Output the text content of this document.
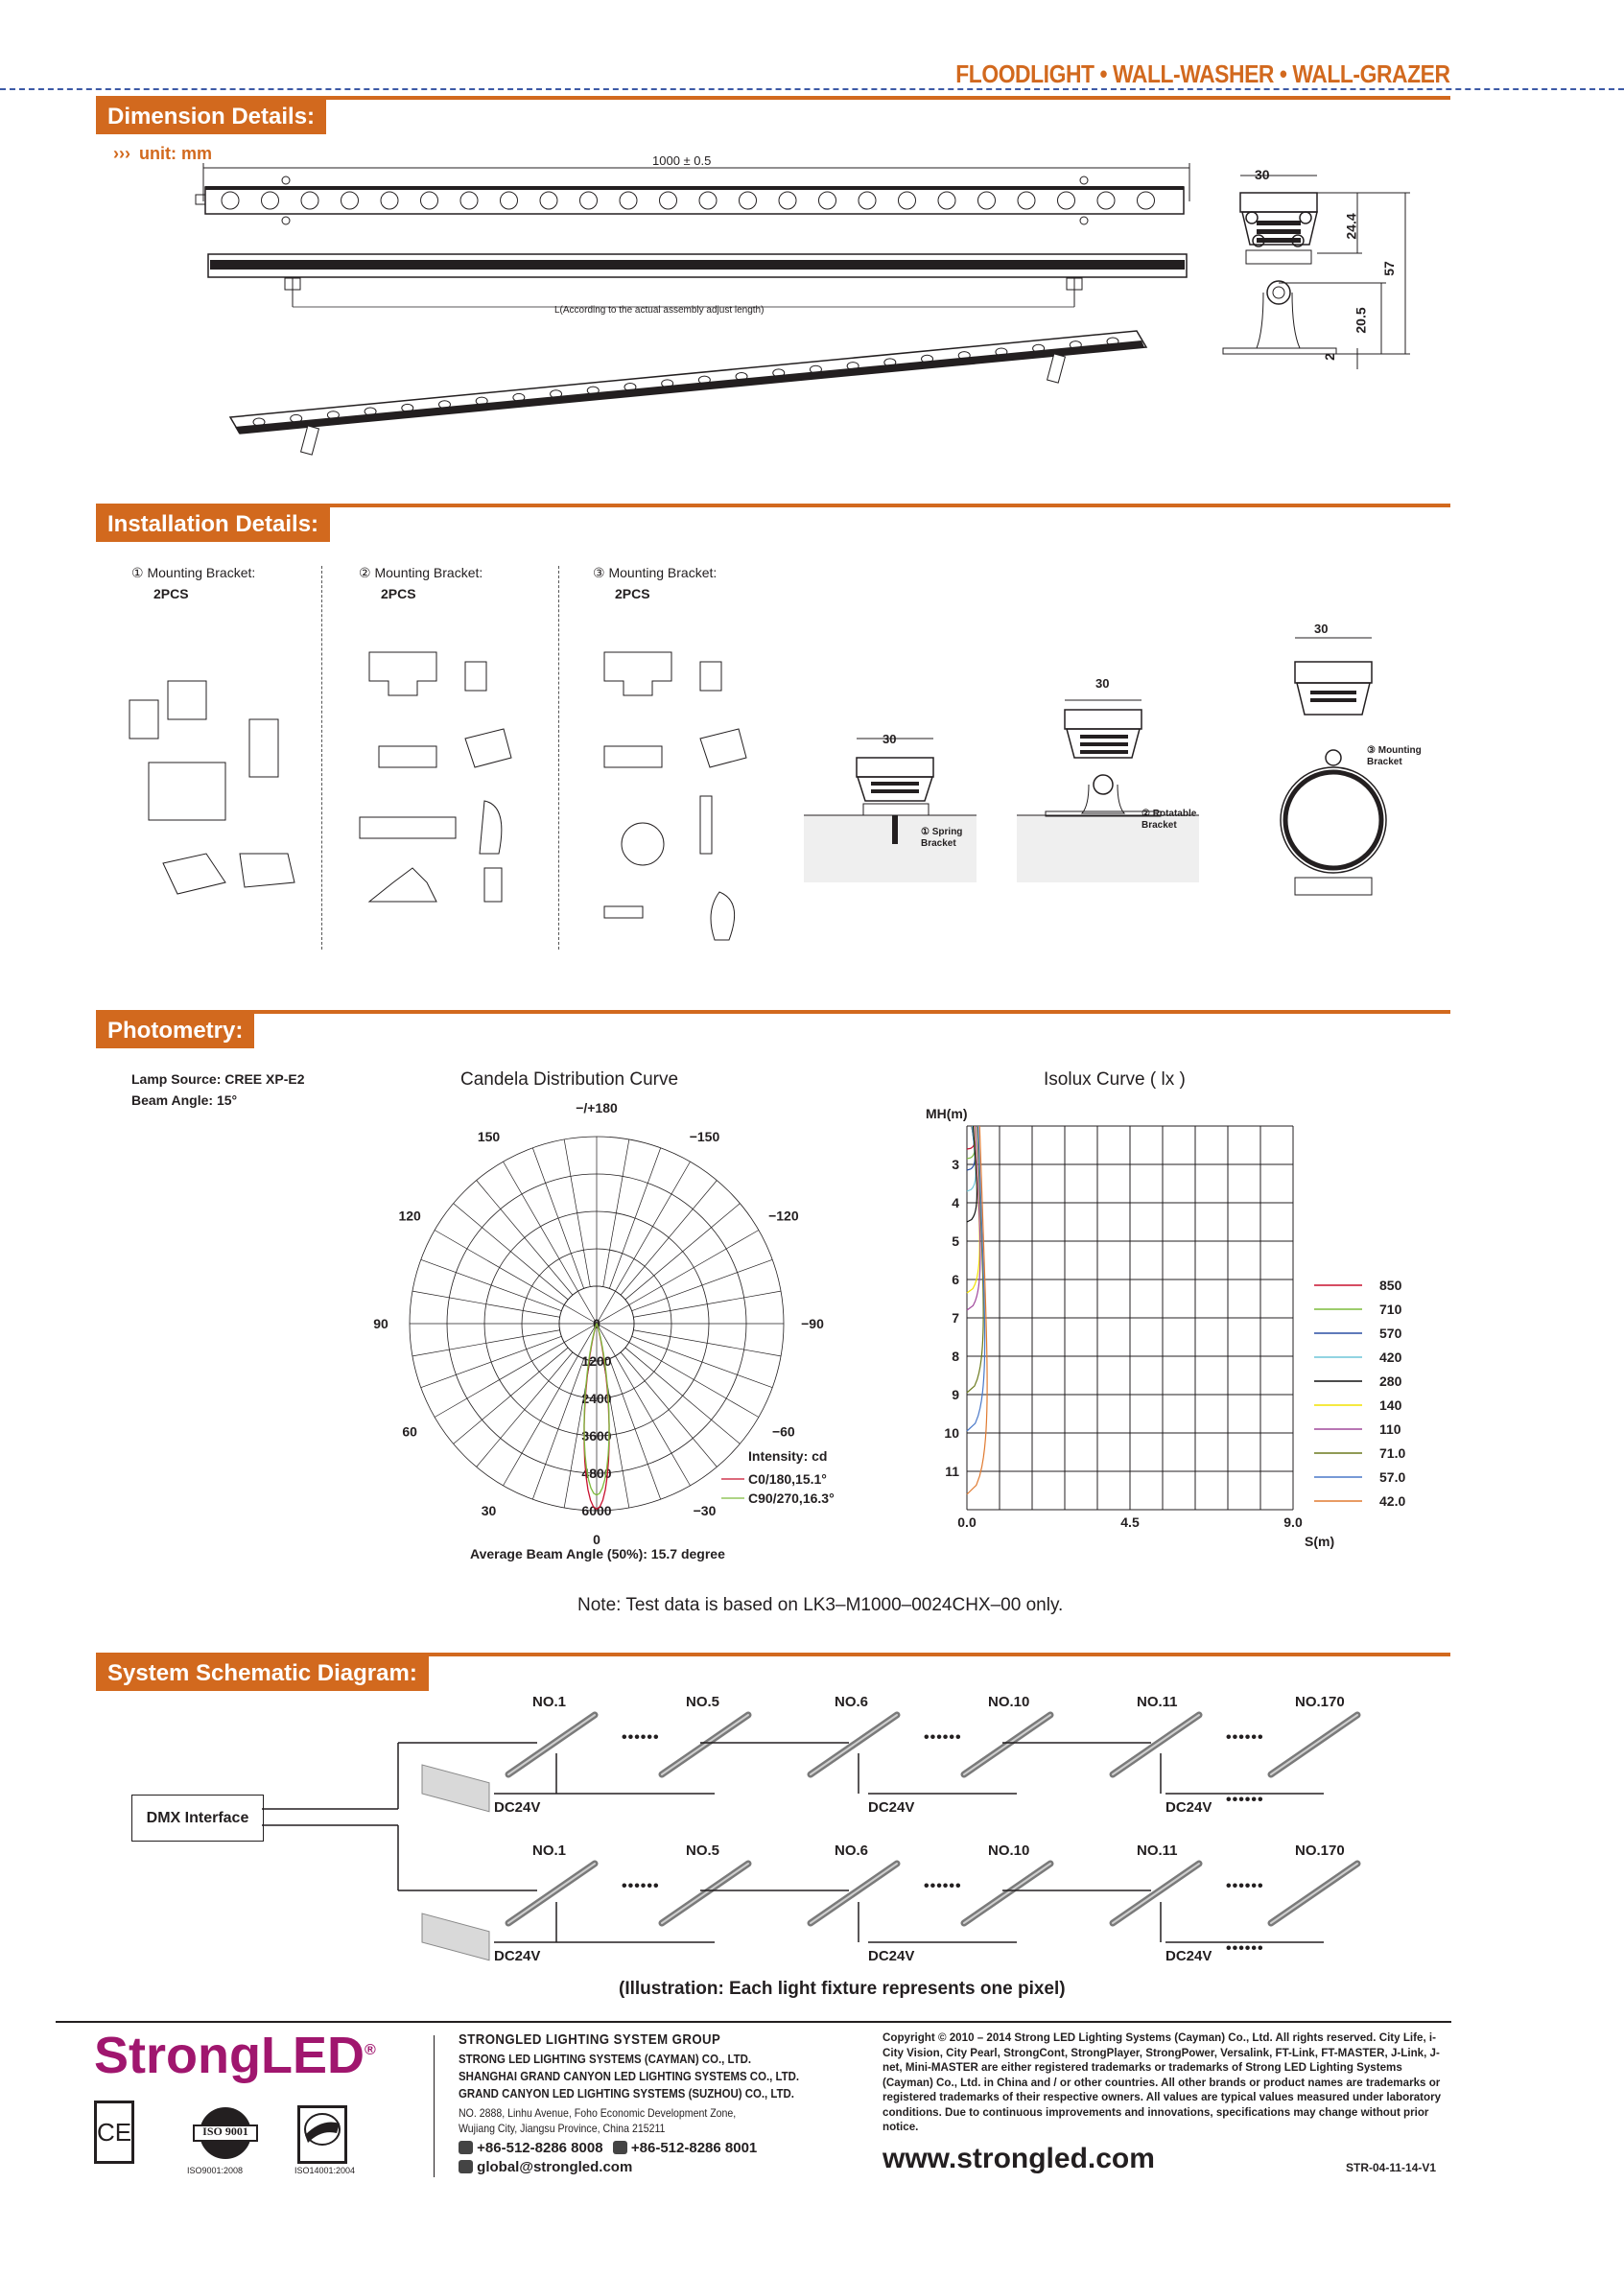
FLOODLIGHT • WALL-WASHER • WALL-GRAZER
Dimension Details:
››› unit: mm	1000 ± 0.5
L(According to the actual assembly adjust length)
30
24.4
57
20.5
2
Installation Details:
① Mounting Bracket:
2PCS
② Mounting Bracket:
2PCS
③ Mounting Bracket:
2PCS
30
① Spring
Bracket
30
② Rotatable
Bracket
30
③ Mounting
Bracket
Photometry:
Lamp Source: CREE XP-E2
Beam Angle: 15°
Candela Distribution Curve
−/+180
−150
150
−120
120
−90
90
−60
60
−30
30
0
0
1200
2400
3600
4800
6000
Intensity: cd
C0/180,15.1°
C90/270,16.3°
Average Beam Angle (50%): 15.7 degree
Isolux Curve ( lx )
MH(m)
3
4
5
6
7
8
9
10
11
0.0	4.5	9.0
S(m)
850
710
570
420
280
140
110
71.0
57.0
42.0
Note: Test data is based on LK3–M1000–0024CHX–00 only.
System Schematic Diagram:
DMX Interface
NO.1	NO.5	NO.6	NO.10	NO.11	NO.170
••••••	••••••	••••••
DC24V	DC24V	DC24V ••••••
NO.1	NO.5	NO.6	NO.10	NO.11	NO.170
••••••	••••••	••••••
DC24V	DC24V	DC24V ••••••
(Illustration: Each light fixture represents one pixel)
StrongLED®
CE	ISO 9001
ISO9001:2008	ISO14001:2004
STRONGLED LIGHTING SYSTEM GROUP
STRONG LED LIGHTING SYSTEMS (CAYMAN) CO., LTD.
SHANGHAI GRAND CANYON LED LIGHTING SYSTEMS CO., LTD.
GRAND CANYON LED LIGHTING SYSTEMS (SUZHOU) CO., LTD.
NO. 2888, Linhu Avenue, Foho Economic Development Zone,
Wujiang City, Jiangsu Province, China 215211
+86-512-8286 8008 +86-512-8286 8001
global@strongled.com
Copyright © 2010 – 2014 Strong LED Lighting Systems (Cayman) Co., Ltd. All rights reserved. City Life, i-City Vision, City Pearl, StrongCont, StrongPlayer, StrongPower, Versalink, FT-Link, FT-MASTER, J-Link, J-net, Mini-MASTER are either registered trademarks or trademarks of Strong LED Lighting Systems (Cayman) Co., Ltd. in China and / or other countries. All other brands or product names are trademarks or registered trademarks of their respective owners. All values are typical values measured under laboratory conditions. Due to continuous improvements and innovations, specifications may change without prior notice.
www.strongled.com	STR-04-11-14-V1
